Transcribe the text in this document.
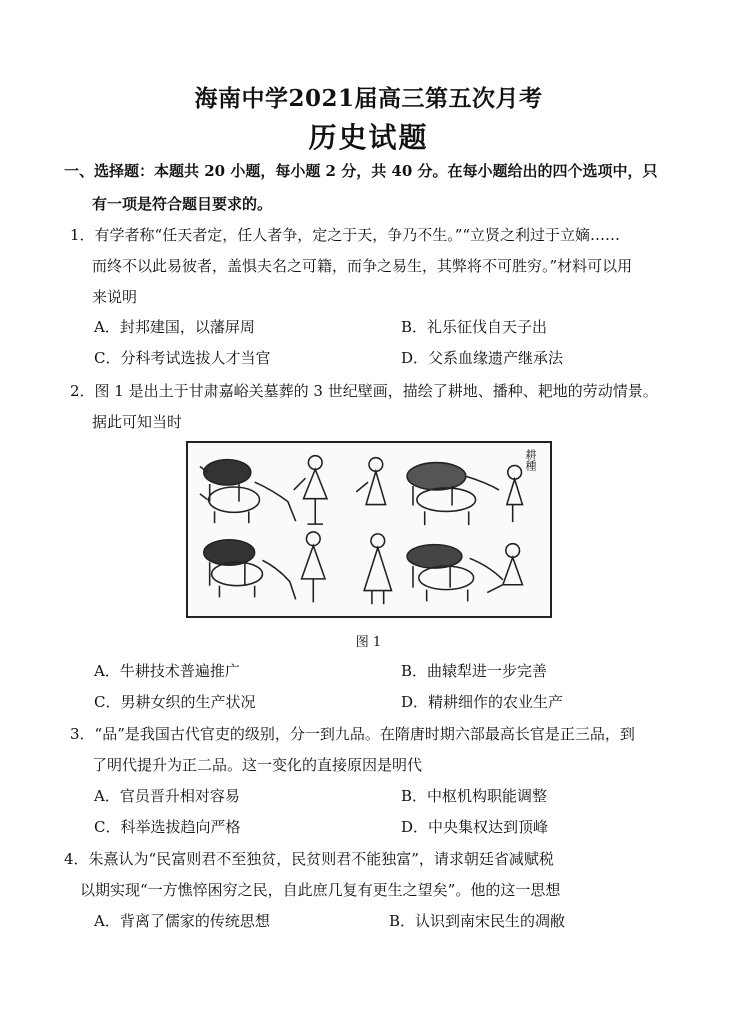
海南中学2021届高三第五次月考
历史试题
一、选择题：本题共 20 小题，每小题 2 分，共 40 分。在每小题给出的四个选项中，只
有一项是符合题目要求的。
1．有学者称“任天者定，任人者争，定之于天，争乃不生。”“立贤之利过于立嫡……
而终不以此易彼者，盖惧夫名之可籍，而争之易生，其弊将不可胜穷。”材料可以用
来说明
A．封邦建国，以藩屏周	B．礼乐征伐自天子出
C．分科考试选拔人才当官	D．父系血缘遗产继承法
2．图 1 是出土于甘肃嘉峪关墓葬的 3 世纪壁画，描绘了耕地、播种、耙地的劳动情景。
据此可知当时
耕種
图 1
A．牛耕技术普遍推广	B．曲辕犁进一步完善
C．男耕女织的生产状况	D．精耕细作的农业生产
3．“品”是我国古代官吏的级别，分一到九品。在隋唐时期六部最高长官是正三品，到
了明代提升为正二品。这一变化的直接原因是明代
A．官员晋升相对容易	B．中枢机构职能调整
C．科举选拔趋向严格	D．中央集权达到顶峰
4．朱熹认为“民富则君不至独贫，民贫则君不能独富”，请求朝廷省减赋税
以期实现“一方憔悴困穷之民，自此庶几复有更生之望矣”。他的这一思想
A．背离了儒家的传统思想	B．认识到南宋民生的凋敝
